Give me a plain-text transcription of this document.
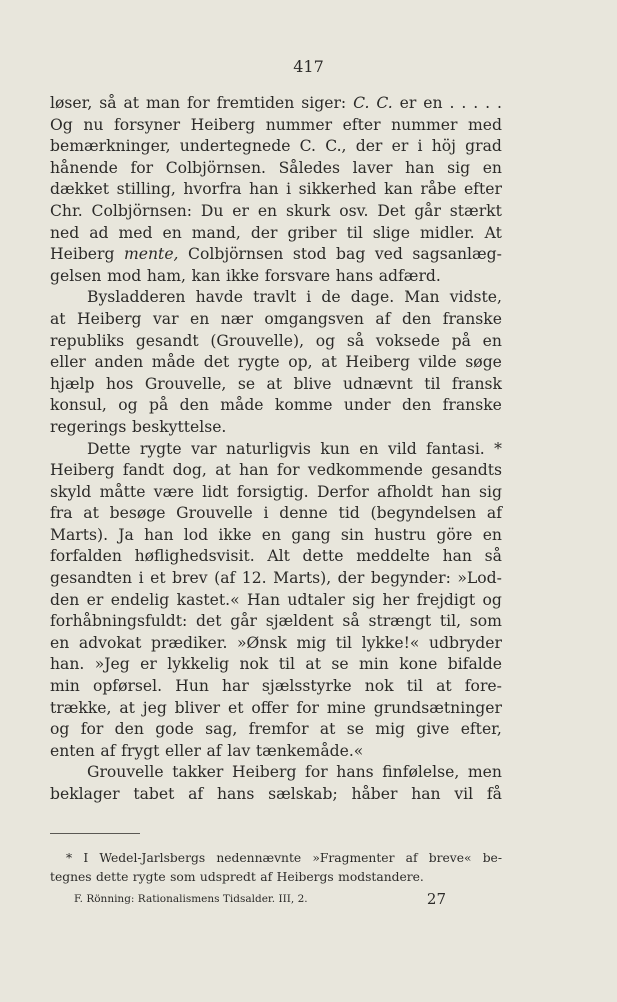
417
løser, så at man for fremtiden siger: C. C. er en . . . . .
Og nu forsyner Heiberg nummer efter nummer med
bemærkninger, undertegnede C. C., der er i höj grad
hånende for Colbjörnsen. Således laver han sig en
dækket stilling, hvorfra han i sikkerhed kan råbe efter
Chr. Colbjörnsen: Du er en skurk osv. Det går stærkt
ned ad med en mand, der griber til slige midler. At
Heiberg mente, Colbjörnsen stod bag ved sagsanlæg-
gelsen mod ham, kan ikke forsvare hans adfærd.
Bysladderen havde travlt i de dage. Man vidste,
at Heiberg var en nær omgangsven af den franske
republiks gesandt (Grouvelle), og så voksede på en
eller anden måde det rygte op, at Heiberg vilde søge
hjælp hos Grouvelle, se at blive udnævnt til fransk
konsul, og på den måde komme under den franske
regerings beskyttelse.
Dette rygte var naturligvis kun en vild fantasi. *
Heiberg fandt dog, at han for vedkommende gesandts
skyld måtte være lidt forsigtig. Derfor afholdt han sig
fra at besøge Grouvelle i denne tid (begyndelsen af
Marts). Ja han lod ikke en gang sin hustru göre en
forfalden høflighedsvisit. Alt dette meddelte han så
gesandten i et brev (af 12. Marts), der begynder: »Lod-
den er endelig kastet.« Han udtaler sig her frejdigt og
forhåbningsfuldt: det går sjældent så strængt til, som
en advokat prædiker. »Ønsk mig til lykke!« udbryder
han. »Jeg er lykkelig nok til at se min kone bifalde
min opførsel. Hun har sjælsstyrke nok til at fore-
trække, at jeg bliver et offer for mine grundsætninger
og for den gode sag, fremfor at se mig give efter,
enten af frygt eller af lav tænkemåde.«
Grouvelle takker Heiberg for hans finfølelse, men
beklager tabet af hans sælskab; håber han vil få
* I Wedel-Jarlsbergs nedennævnte »Fragmenter af breve« be-
tegnes dette rygte som udspredt af Heibergs modstandere.
F. Rönning: Rationalismens Tidsalder. III, 2.	27
